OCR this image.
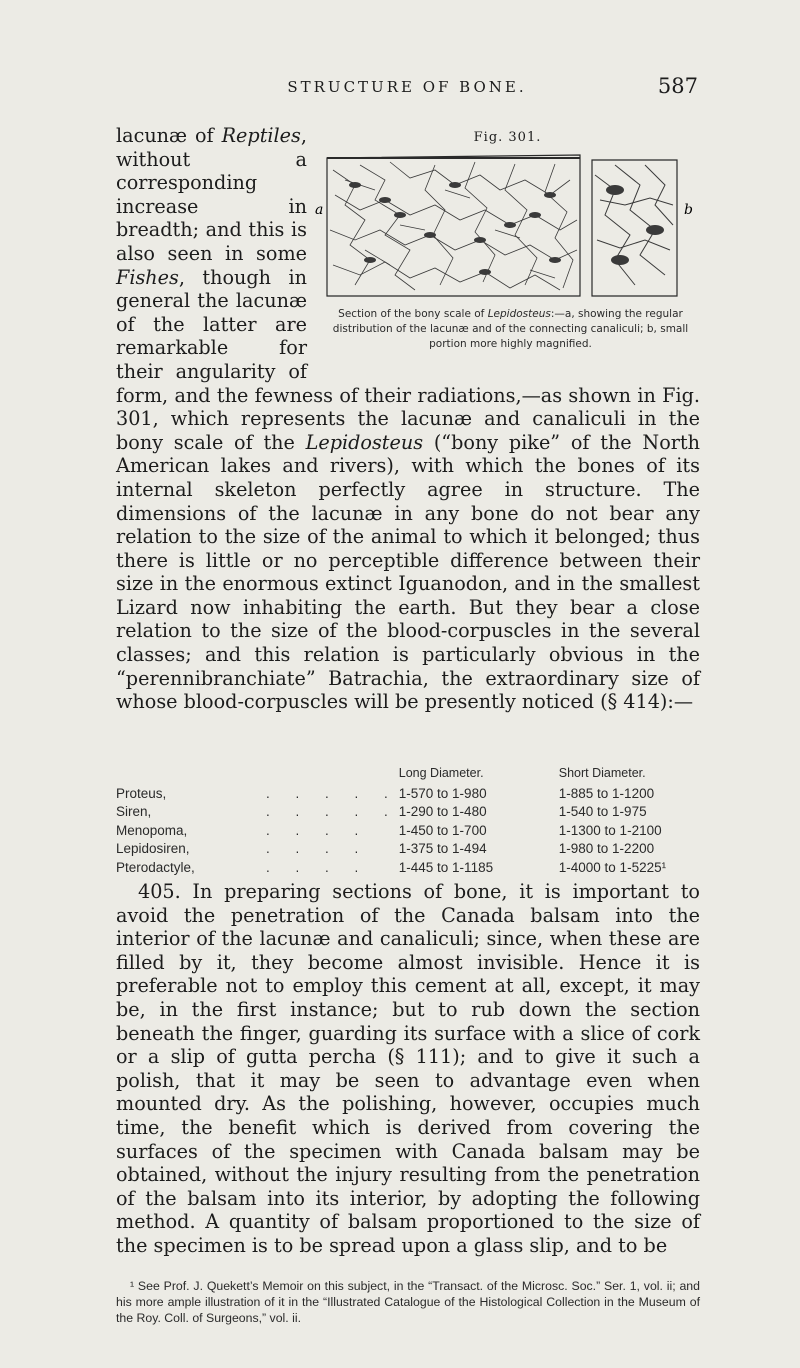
STRUCTURE OF BONE.	587

Fig. 301.
a	b
Section of the bony scale of Lepidosteus:—a, showing the regular distribution of the lacunæ and of the connecting canaliculi; b, small portion more highly magnified.
lacunæ of Reptiles, without a corresponding increase in breadth; and this is also seen in some Fishes, though in general the lacunæ of the latter are remarkable for their angularity of form, and the fewness of their radiations,—as shown in Fig. 301, which represents the lacunæ and canaliculi in the bony scale of the Lepidosteus (“bony pike” of the North American lakes and rivers), with which the bones of its internal skeleton perfectly agree in structure. The dimensions of the lacunæ in any bone do not bear any relation to the size of the animal to which it belonged; thus there is little or no perceptible difference between their size in the enormous extinct Iguanodon, and in the smallest Lizard now inhabiting the earth. But they bear a close relation to the size of the blood-corpuscles in the several classes; and this relation is particularly obvious in the “perennibranchiate” Batrachia, the extraordinary size of whose blood-corpuscles will be presently noticed (§ 414):—

		Long Diameter.	Short Diameter.
Proteus,	. . . . .	1-570 to 1-980	1-885 to 1-1200
Siren,	. . . . .	1-290 to 1-480	1-540 to 1-975
Menopoma,	. . . .	1-450 to 1-700	1-1300 to 1-2100
Lepidosiren,	. . . .	1-375 to 1-494	1-980 to 1-2200
Pterodactyle,	. . . .	1-445 to 1-1185	1-4000 to 1-5225¹

405. In preparing sections of bone, it is important to avoid the penetration of the Canada balsam into the interior of the lacunæ and canaliculi; since, when these are filled by it, they become almost invisible. Hence it is preferable not to employ this cement at all, except, it may be, in the first instance; but to rub down the section beneath the finger, guarding its surface with a slice of cork or a slip of gutta percha (§ 111); and to give it such a polish, that it may be seen to advantage even when mounted dry. As the polishing, however, occupies much time, the benefit which is derived from covering the surfaces of the specimen with Canada balsam may be obtained, without the injury resulting from the penetration of the balsam into its interior, by adopting the following method. A quantity of balsam proportioned to the size of the specimen is to be spread upon a glass slip, and to be

¹ See Prof. J. Quekett’s Memoir on this subject, in the “Transact. of the Microsc. Soc.” Ser. 1, vol. ii; and his more ample illustration of it in the “Illustrated Catalogue of the Histological Collection in the Museum of the Roy. Coll. of Surgeons,” vol. ii.
